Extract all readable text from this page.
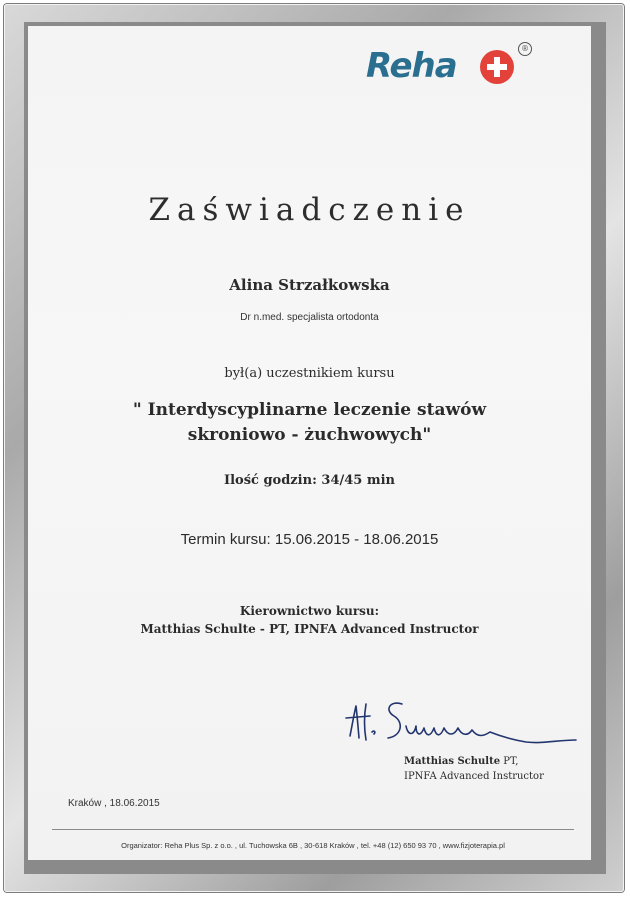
Reha	®
Zaświadczenie
Alina Strzałkowska
Dr n.med. specjalista ortodonta
był(a) uczestnikiem kursu
" Interdyscyplinarne leczenie stawów
skroniowo - żuchwowych"
Ilość godzin: 34/45 min
Termin kursu: 15.06.2015 - 18.06.2015
Kierownictwo kursu:
Matthias Schulte - PT, IPNFA Advanced Instructor
Matthias Schulte PT,
IPNFA Advanced Instructor
Kraków , 18.06.2015
Organizator: Reha Plus Sp. z o.o. , ul. Tuchowska 6B , 30-618 Kraków , tel. +48 (12) 650 93 70 , www.fizjoterapia.pl
